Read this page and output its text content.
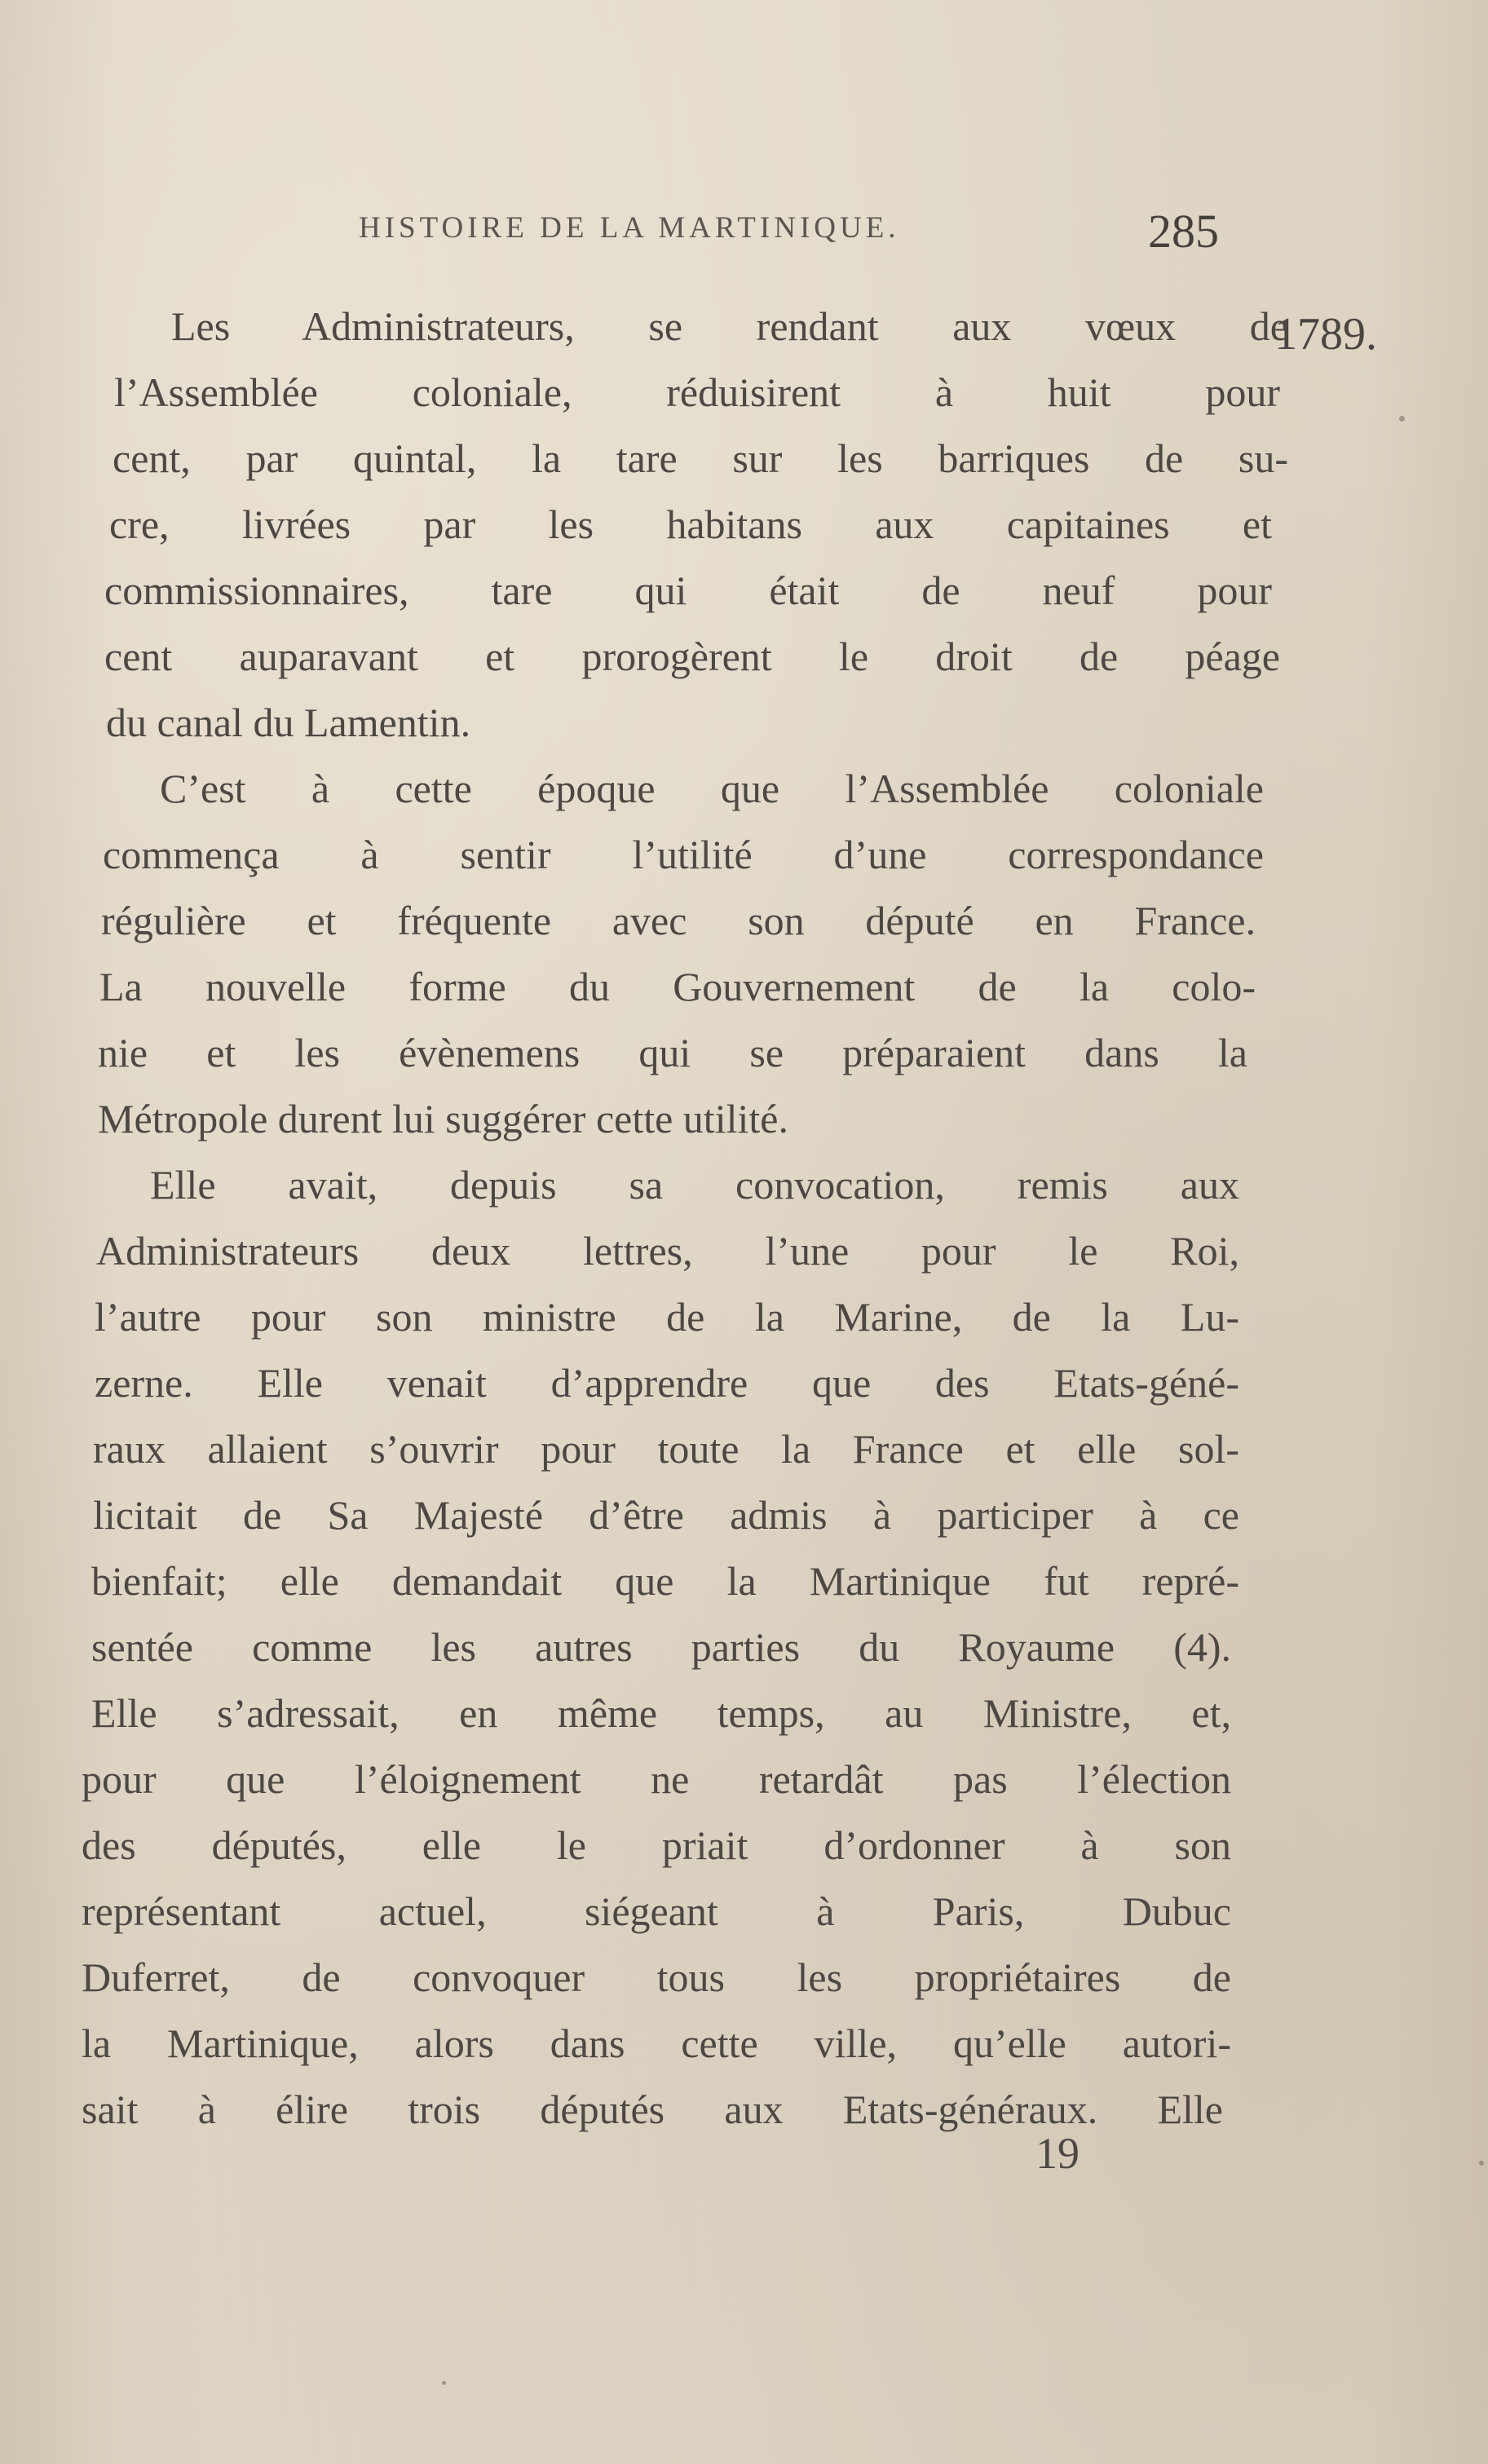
HISTOIRE DE LA MARTINIQUE.	285
1789.
Les Administrateurs, se rendant aux vœux de
l’Assemblée coloniale, réduisirent à huit pour
cent, par quintal, la tare sur les barriques de su-
cre, livrées par les habitans aux capitaines et
commissionnaires, tare qui était de neuf pour
cent auparavant et prorogèrent le droit de péage
du canal du Lamentin.
C’est à cette époque que l’Assemblée coloniale
commença à sentir l’utilité d’une correspondance
régulière et fréquente avec son député en France.
La nouvelle forme du Gouvernement de la colo-
nie et les évènemens qui se préparaient dans la
Métropole durent lui suggérer cette utilité.
Elle avait, depuis sa convocation, remis aux
Administrateurs deux lettres, l’une pour le Roi,
l’autre pour son ministre de la Marine, de la Lu-
zerne. Elle venait d’apprendre que des Etats-géné-
raux allaient s’ouvrir pour toute la France et elle sol-
licitait de Sa Majesté d’être admis à participer à ce
bienfait; elle demandait que la Martinique fut repré-
sentée comme les autres parties du Royaume (4).
Elle s’adressait, en même temps, au Ministre, et,
pour que l’éloignement ne retardât pas l’élection
des députés, elle le priait d’ordonner à son
représentant actuel, siégeant à Paris, Dubuc
Duferret, de convoquer tous les propriétaires de
la Martinique, alors dans cette ville, qu’elle autori-
sait à élire trois députés aux Etats-généraux. Elle
19
